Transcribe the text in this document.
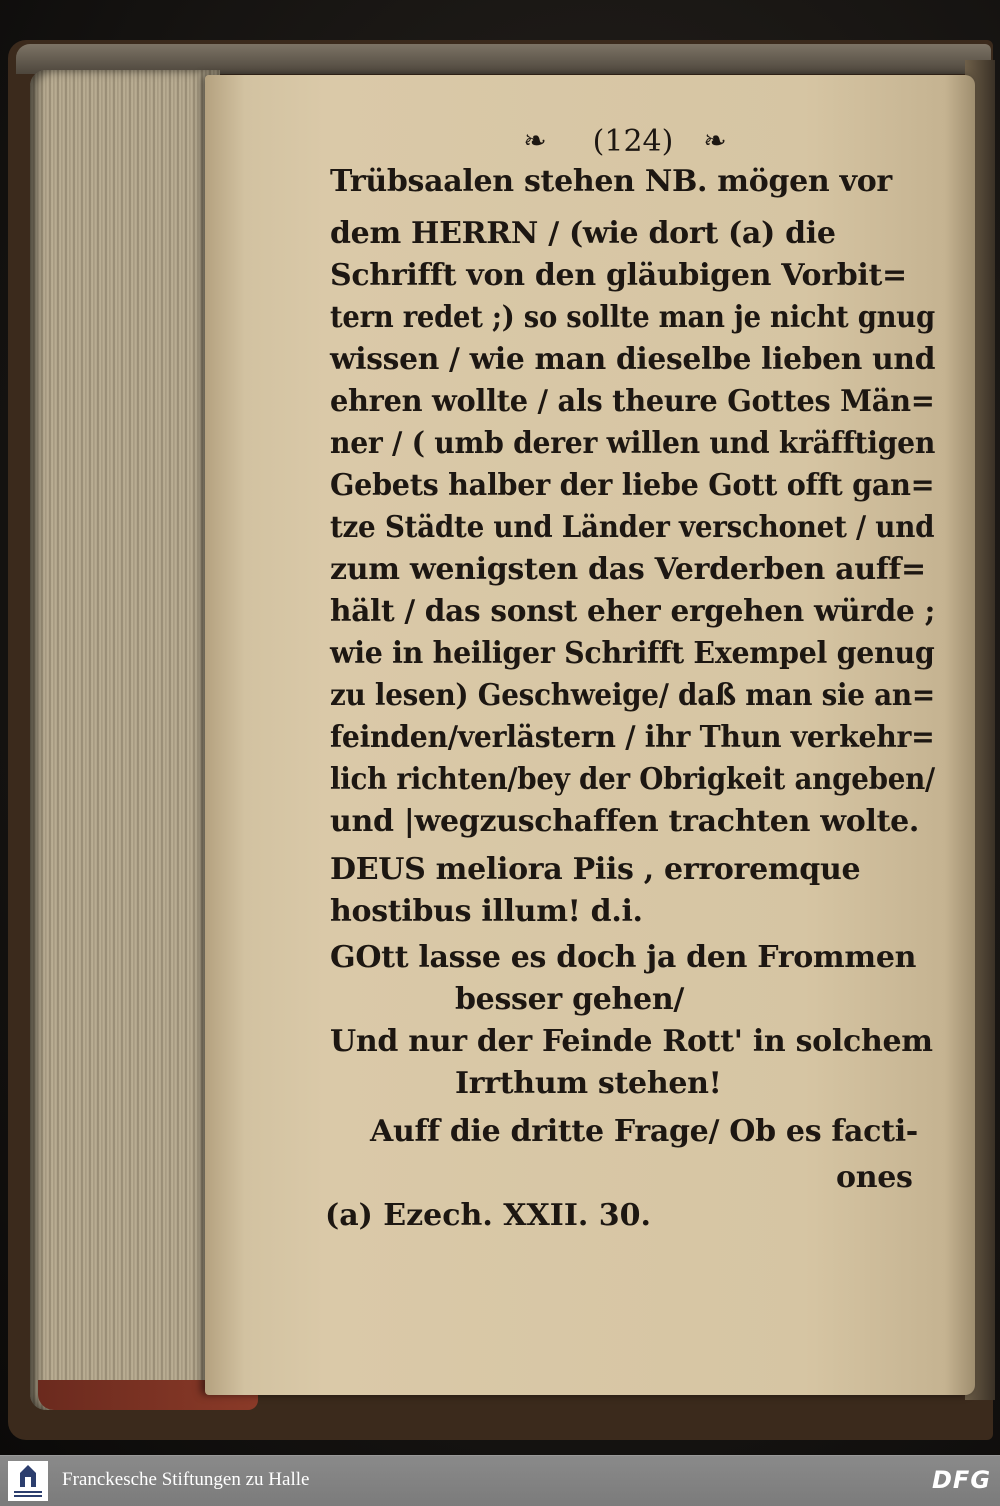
❧	(124)	❧
Trübsaalen stehen NB. mögen vor
dem HERRN / (wie dort (a) die
Schrifft von den gläubigen Vorbit=
tern redet ;) so sollte man je nicht gnug
wissen / wie man dieselbe lieben und
ehren wollte / als theure Gottes Män=
ner / ( umb derer willen und kräfftigen
Gebets halber der liebe Gott offt gan=
tze Städte und Länder verschonet / und
zum wenigsten das Verderben auff=
hält / das sonst eher ergehen würde ;
wie in heiliger Schrifft Exempel genug
zu lesen) Geschweige/ daß man sie an=
feinden/verlästern / ihr Thun verkehr=
lich richten/bey der Obrigkeit angeben/
und |wegzuschaffen trachten wolte.
DEUS meliora Piis , erroremque
hostibus illum! d.i.
GOtt lasse es doch ja den Frommen
besser gehen/
Und nur der Feinde Rott' in solchem
Irrthum stehen!
Auff die dritte Frage/ Ob es facti-
ones
(a) Ezech. XXII. 30.
Franckesche Stiftungen zu Halle	DFG
